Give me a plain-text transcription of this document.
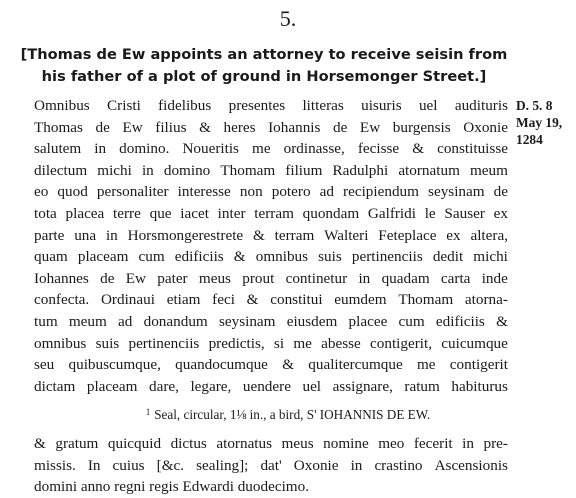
5.
[Thomas de Ew appoints an attorney to receive seisin from his father of a plot of ground in Horsemonger Street.]
D. 5. 8
May 19,
1284
Omnibus Cristi fidelibus presentes litteras uisuris uel audituris
Thomas de Ew filius & heres Iohannis de Ew burgensis Oxonie
salutem in domino. Noueritis me ordinasse, fecisse & constituisse
dilectum michi in domino Thomam filium Radulphi atornatum meum
eo quod personaliter interesse non potero ad recipiendum seysinam de
tota placea terre que iacet inter terram quondam Galfridi le Sauser ex
parte una in Horsmongerestrete & terram Walteri Feteplace ex altera,
quam placeam cum edificiis & omnibus suis pertinenciis dedit michi
Iohannes de Ew pater meus prout continetur in quadam carta inde
confecta. Ordinaui etiam feci & constitui eumdem Thomam atorna-
tum meum ad donandum seysinam eiusdem placee cum edificiis &
omnibus suis pertinenciis predictis, si me abesse contigerit, cuicumque
seu quibuscumque, quandocumque & qualitercumque me contigerit
dictam placeam dare, legare, uendere uel assignare, ratum habiturus
$^1$ Seal, circular, 1⅛ in., a bird, S' IOHANNIS DE EW.
& gratum quicquid dictus atornatus meus nomine meo fecerit in pre-
missis. In cuius [&c. sealing]; dat' Oxonie in crastino Ascensionis
domini anno regni regis Edwardi duodecimo.
